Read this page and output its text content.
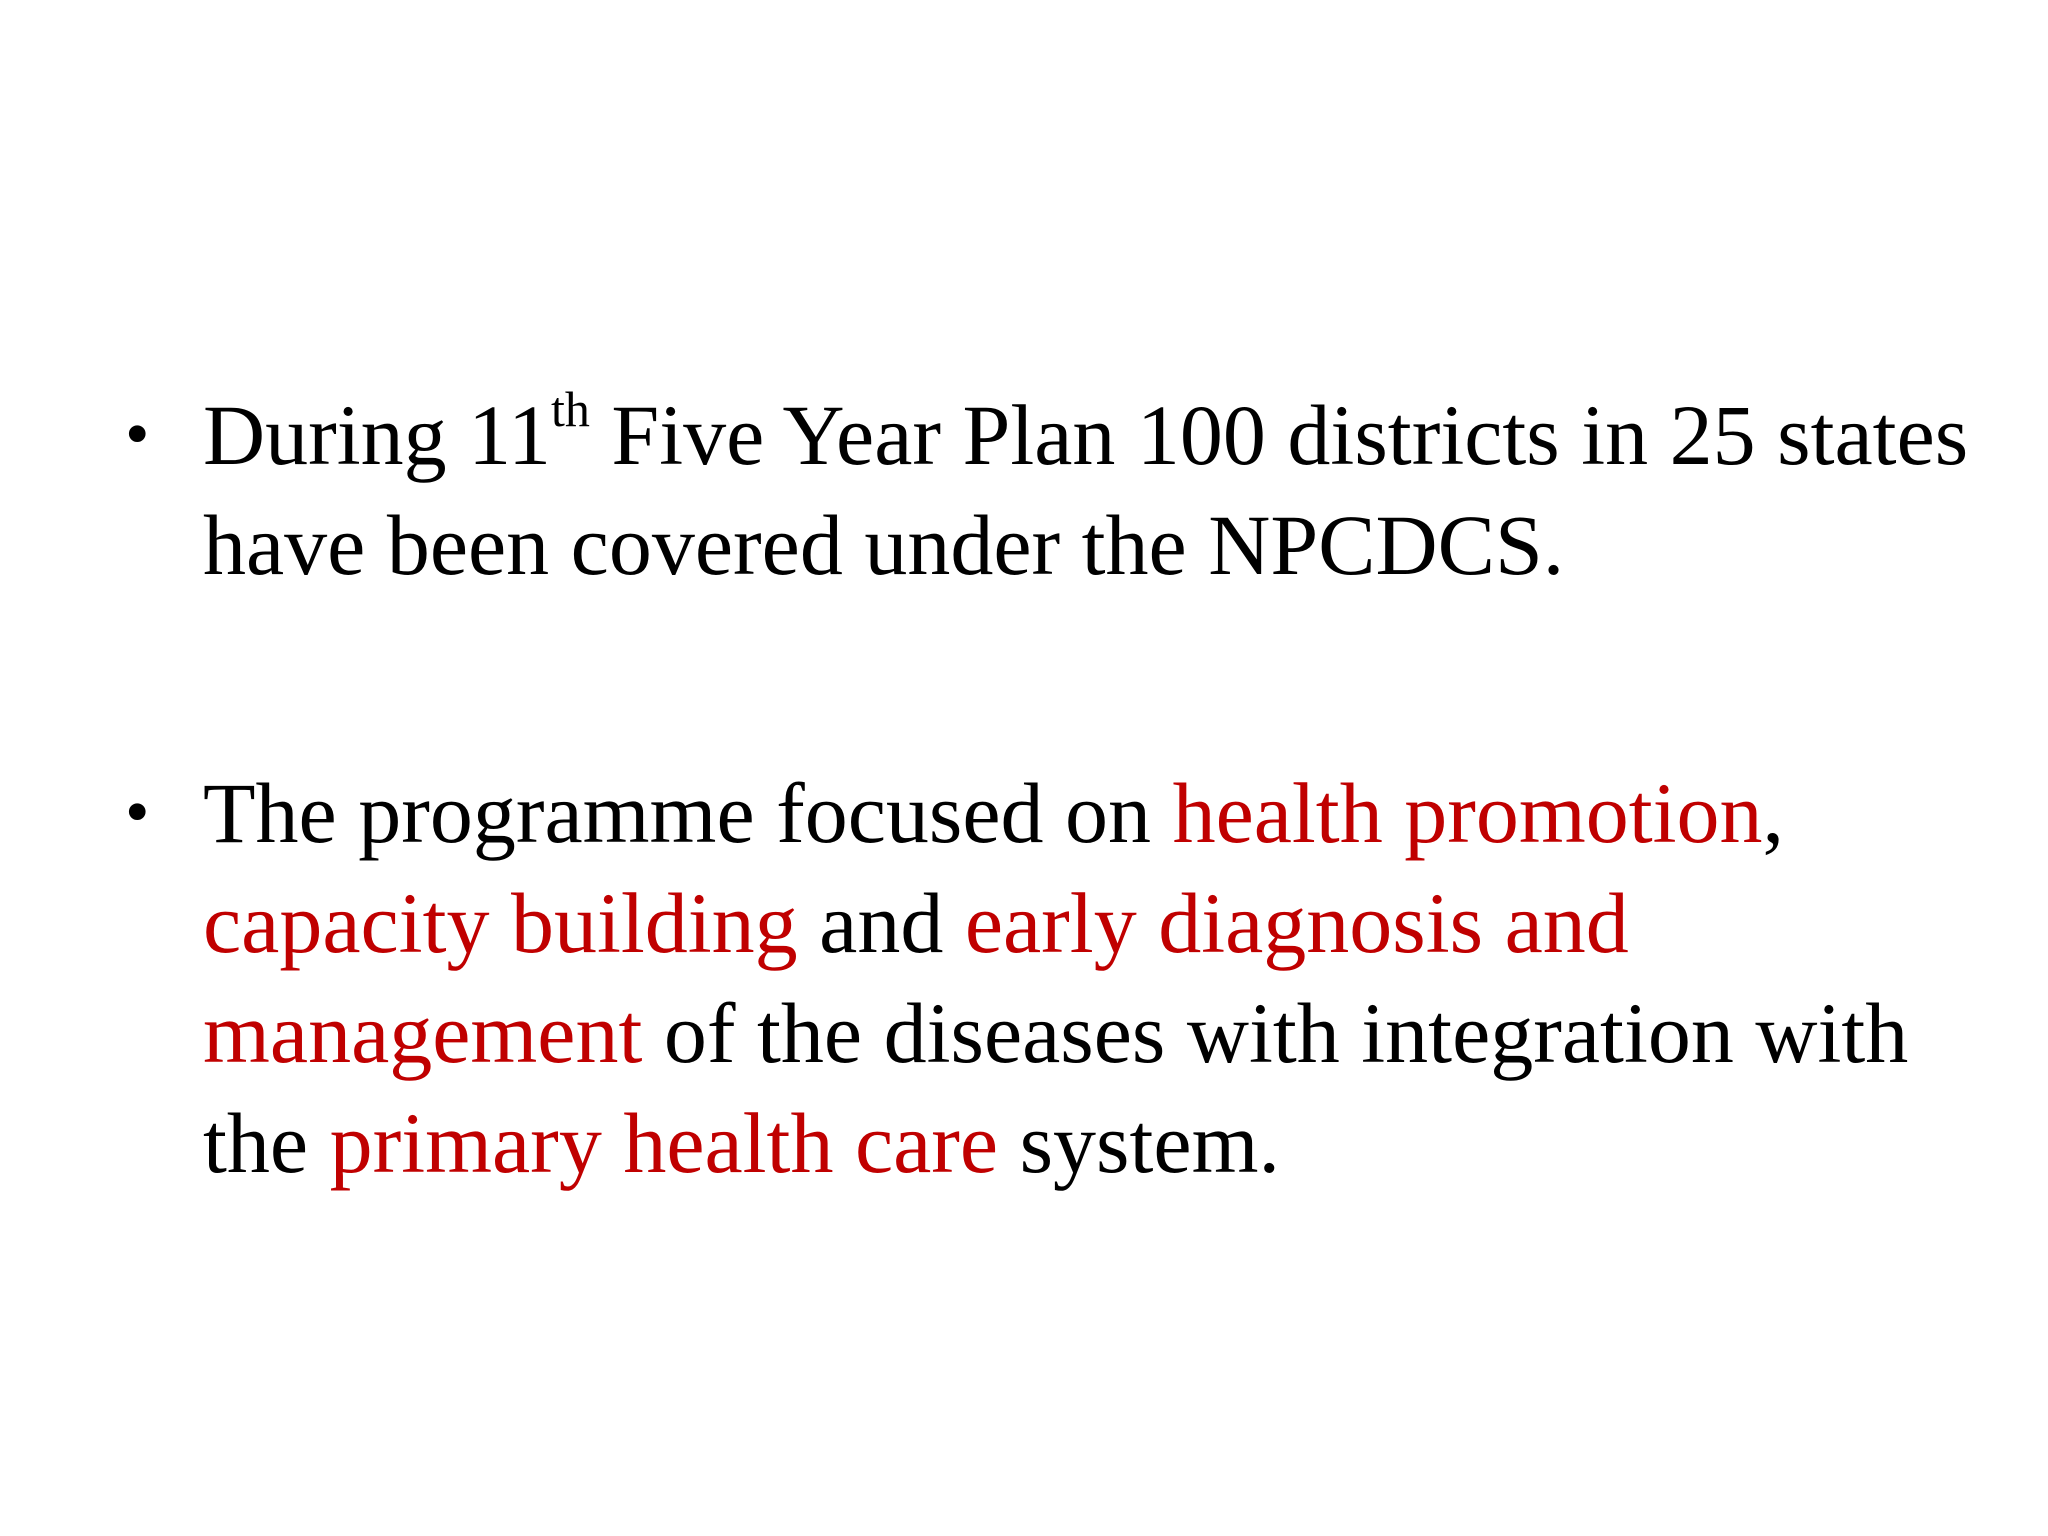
• During 11th Five Year Plan 100 districts in 25 states have been covered under the NPCDCS.
• The programme focused on health promotion, capacity building and early diagnosis and management of the diseases with integration with the primary health care system.
